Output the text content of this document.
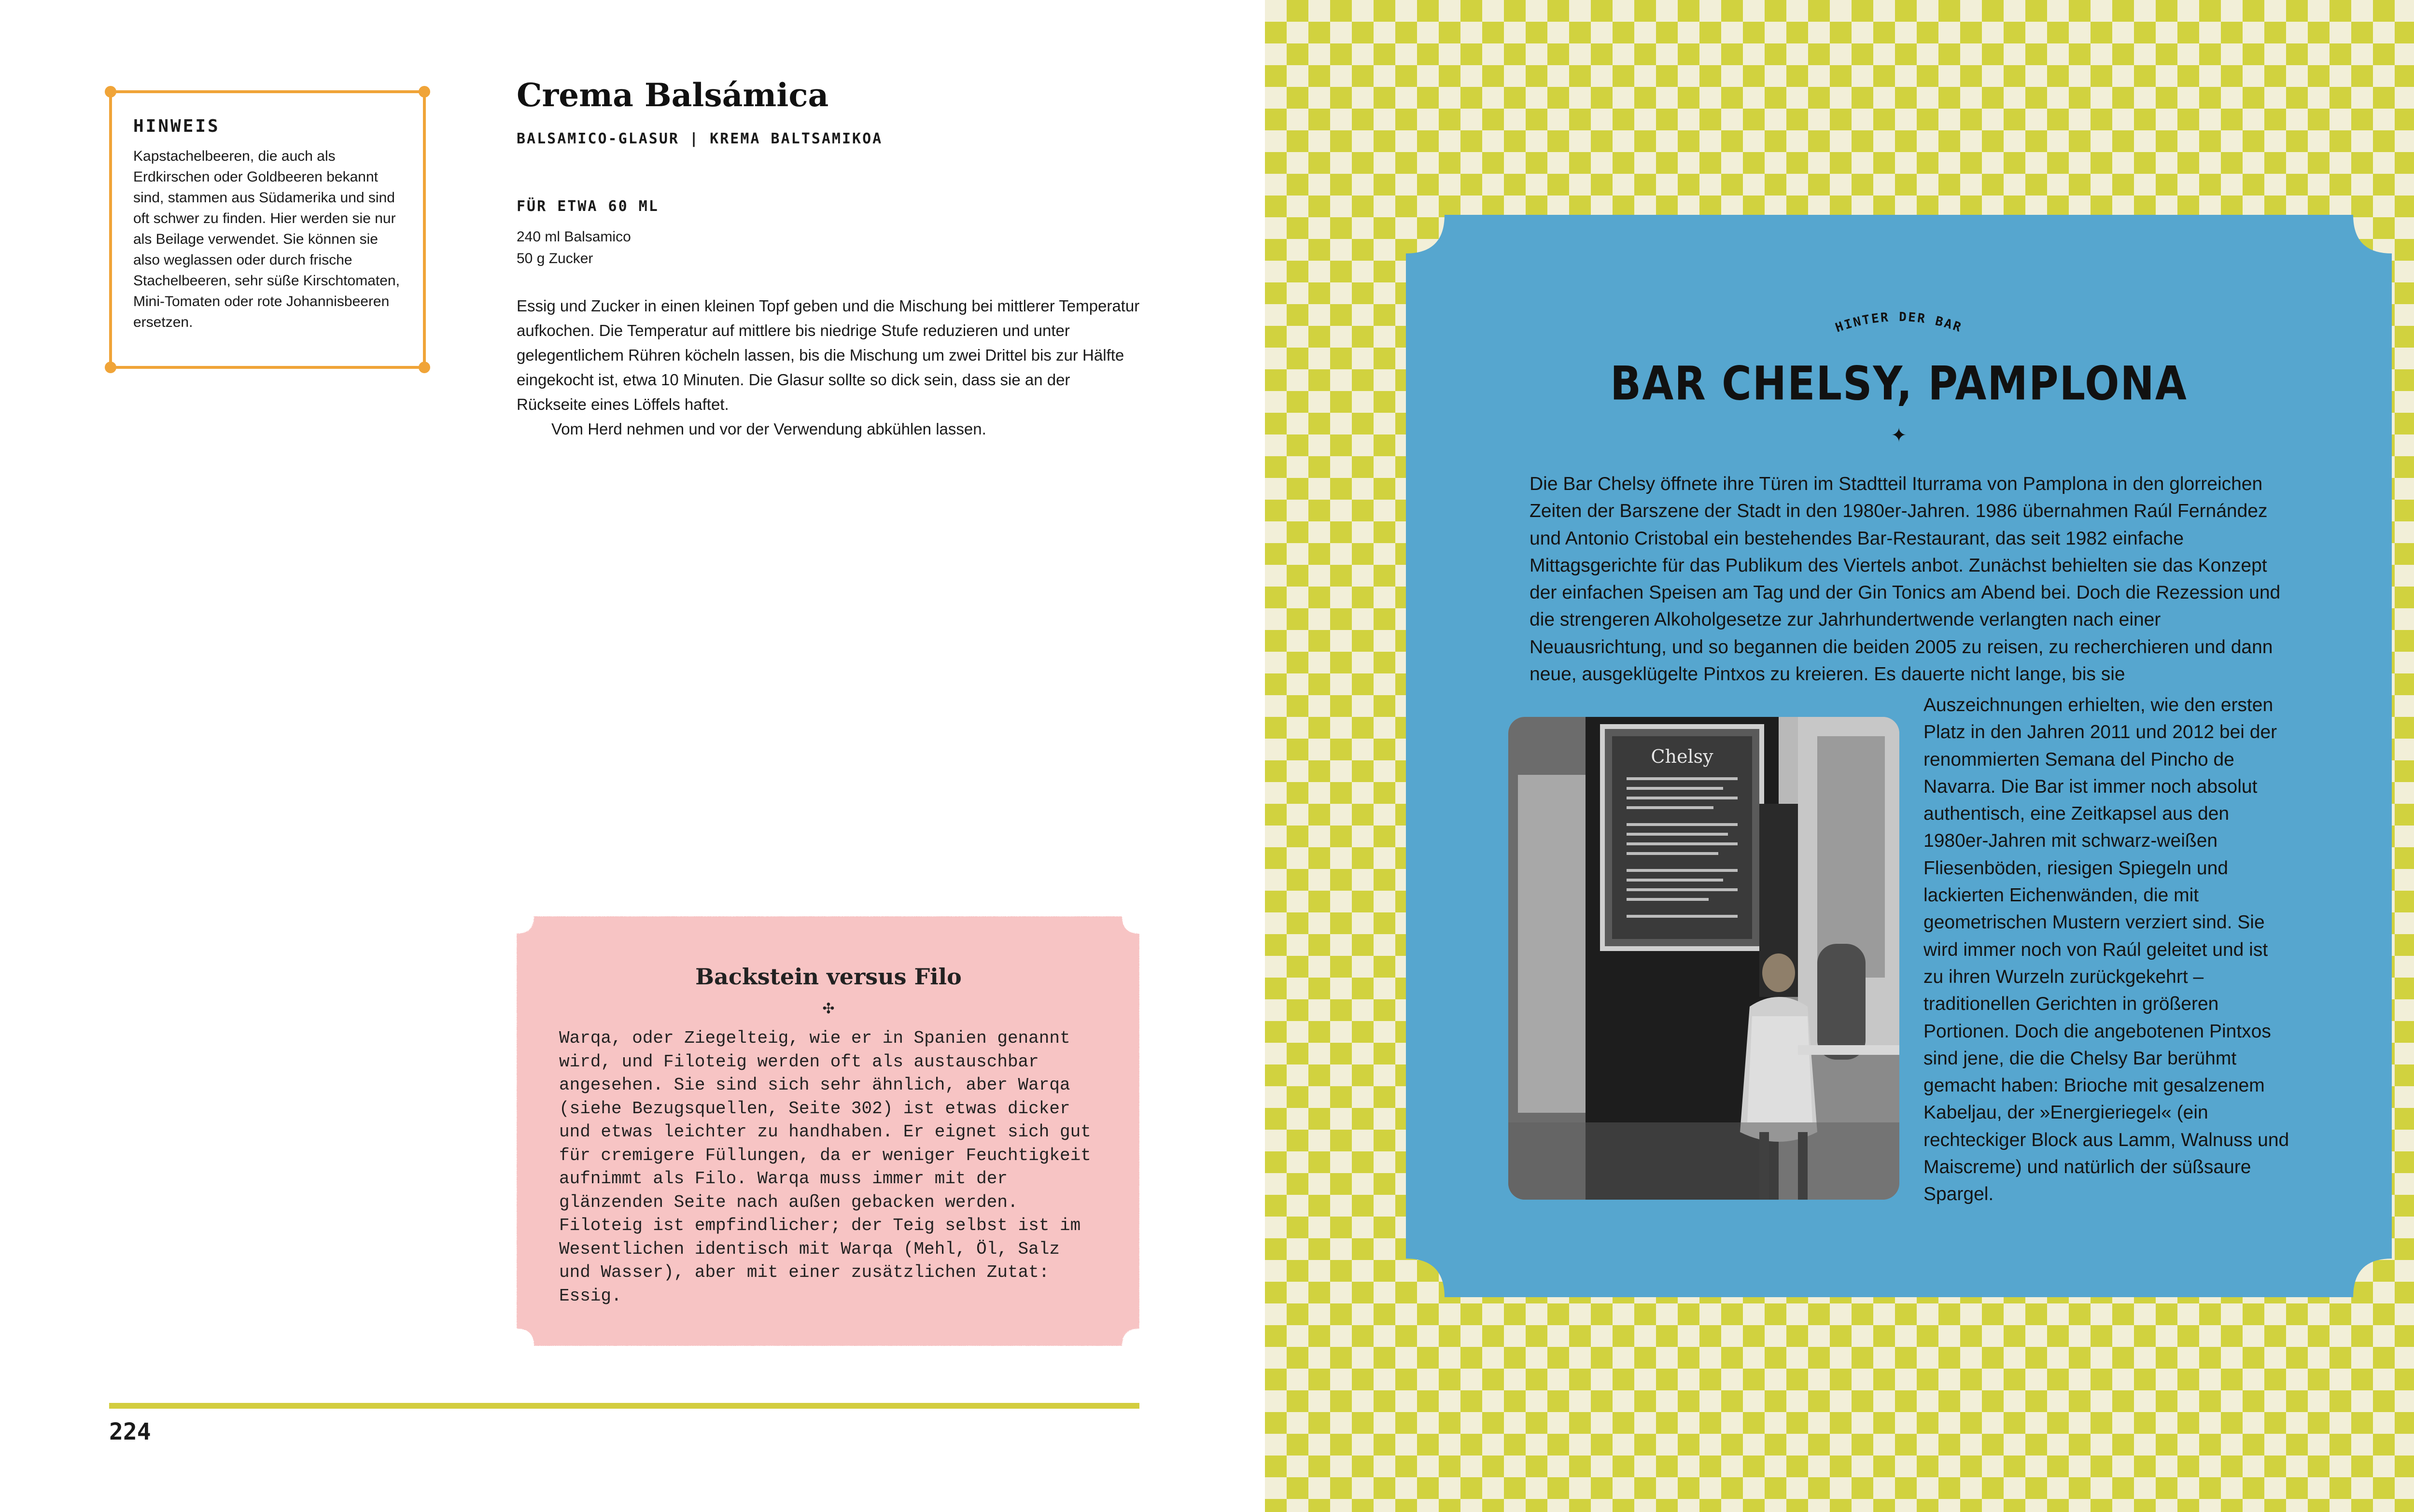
HINWEIS
Kapstachelbeeren, die auch als Erdkirschen oder Goldbeeren bekannt sind, stammen aus Südamerika und sind oft schwer zu finden. Hier werden sie nur als Beilage verwendet. Sie können sie also weglassen oder durch frische Stachelbeeren, sehr süße Kirschtomaten, Mini-Tomaten oder rote Johannisbeeren ersetzen.
Crema Balsámica
BALSAMICO-GLASUR | KREMA BALTSAMIKOA
FÜR ETWA 60 ML
240 ml Balsamico
50 g Zucker

Essig und Zucker in einen kleinen Topf geben und die Mischung bei mittlerer Temperatur aufkochen. Die Temperatur auf mittlere bis niedrige Stufe reduzieren und unter gelegentlichem Rühren köcheln lassen, bis die Mischung um zwei Drittel bis zur Hälfte eingekocht ist, etwa 10 Minuten. Die Glasur sollte so dick sein, dass sie an der Rückseite eines Löffels haftet.

Vom Herd nehmen und vor der Verwendung abkühlen lassen.

Backstein versus Filo
✣
Warqa, oder Ziegelteig, wie er in Spanien genannt wird, und Filoteig werden oft als austauschbar angesehen. Sie sind sich sehr ähnlich, aber Warqa (siehe Bezugsquellen, Seite 302) ist etwas dicker und etwas leichter zu handhaben. Er eignet sich gut für cremigere Füllungen, da er weniger Feuchtigkeit aufnimmt als Filo. Warqa muss immer mit der glänzenden Seite nach außen gebacken werden. Filoteig ist empfindlicher; der Teig selbst ist im Wesentlichen identisch mit Warqa (Mehl, Öl, Salz und Wasser), aber mit einer zusätzlichen Zutat: Essig.
224
HINTER DER BAR
BAR CHELSY, PAMPLONA
✦
Die Bar Chelsy öffnete ihre Türen im Stadtteil Iturrama von Pamplona in den glorreichen Zeiten der Barszene der Stadt in den 1980er-Jahren. 1986 übernahmen Raúl Fernández und Antonio Cristobal ein bestehendes Bar-Restaurant, das seit 1982 einfache Mittagsgerichte für das Publikum des Viertels anbot. Zunächst behielten sie das Konzept der einfachen Speisen am Tag und der Gin Tonics am Abend bei. Doch die Rezession und die strengeren Alkoholgesetze zur Jahrhundertwende verlangten nach einer Neuausrichtung, und so begannen die beiden 2005 zu reisen, zu recherchieren und dann neue, ausgeklügelte Pintxos zu kreieren. Es dauerte nicht lange, bis sie
Chelsy
Auszeichnungen erhielten, wie den ersten Platz in den Jahren 2011 und 2012 bei der renommierten Semana del Pincho de Navarra. Die Bar ist immer noch absolut authentisch, eine Zeitkapsel aus den 1980er-Jahren mit schwarz-weißen Fliesenböden, riesigen Spiegeln und lackierten Eichenwänden, die mit geometrischen Mustern verziert sind. Sie wird immer noch von Raúl geleitet und ist zu ihren Wurzeln zurückgekehrt – traditionellen Gerichten in größeren Portionen. Doch die angebotenen Pintxos sind jene, die die Chelsy Bar berühmt gemacht haben: Brioche mit gesalzenem Kabeljau, der »Energieriegel« (ein rechteckiger Block aus Lamm, Walnuss und Maiscreme) und natürlich der süßsaure Spargel.
